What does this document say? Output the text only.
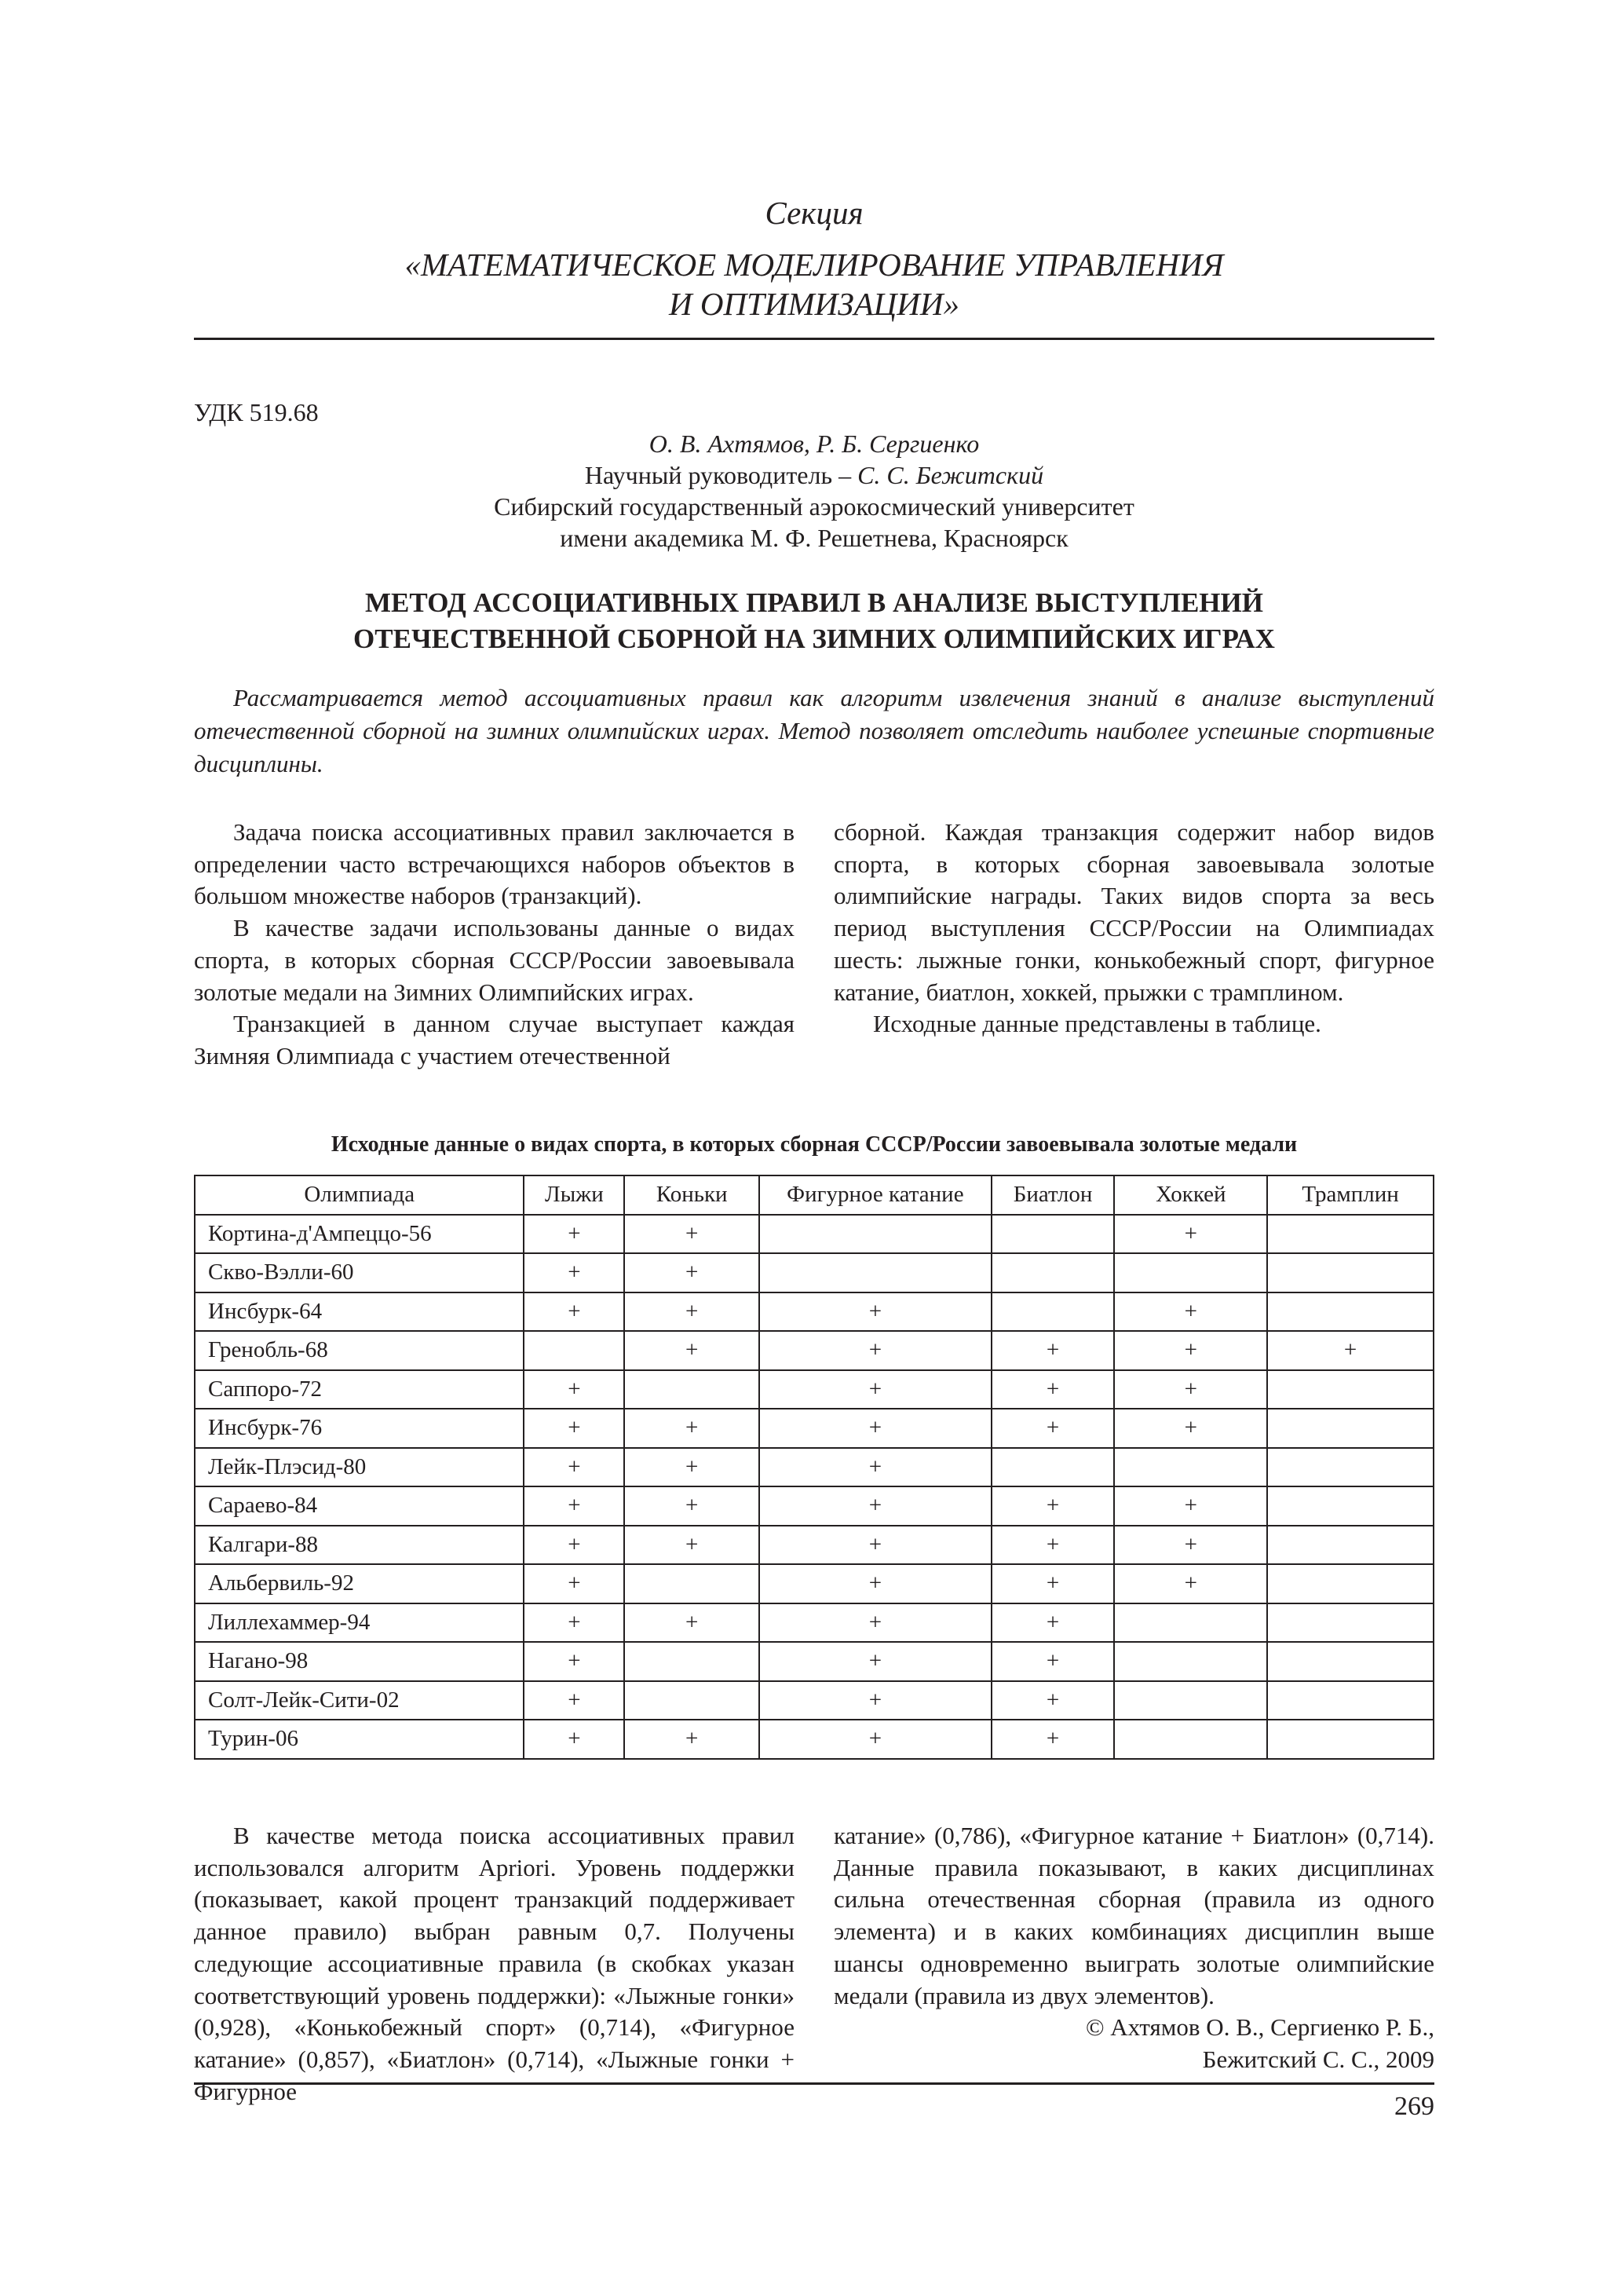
Секция
«МАТЕМАТИЧЕСКОЕ МОДЕЛИРОВАНИЕ УПРАВЛЕНИЯ
И ОПТИМИЗАЦИИ»
УДК 519.68
О. В. Ахтямов, Р. Б. Сергиенко
Научный руководитель – С. С. Бежитский
Сибирский государственный аэрокосмический университет
имени академика М. Ф. Решетнева, Красноярск
МЕТОД АССОЦИАТИВНЫХ ПРАВИЛ В АНАЛИЗЕ ВЫСТУПЛЕНИЙ
ОТЕЧЕСТВЕННОЙ СБОРНОЙ НА ЗИМНИХ ОЛИМПИЙСКИХ ИГРАХ

Рассматривается метод ассоциативных правил как алгоритм извлечения знаний в анализе выступлений отечественной сборной на зимних олимпийских играх. Метод позволяет отследить наиболее успешные спортивные дисциплины.

Задача поиска ассоциативных правил заключается в определении часто встречающихся наборов объектов в большом множестве наборов (транзакций).

В качестве задачи использованы данные о видах спорта, в которых сборная СССР/России завоевывала золотые медали на Зимних Олимпийских играх.

Транзакцией в данном случае выступает каждая Зимняя Олимпиада с участием отечественной

сборной. Каждая транзакция содержит набор видов спорта, в которых сборная завоевывала золотые олимпийские награды. Таких видов спорта за весь период выступления СССР/России на Олимпиадах шесть: лыжные гонки, конькобежный спорт, фигурное катание, биатлон, хоккей, прыжки с трамплином.

Исходные данные представлены в таблице.

Исходные данные о видах спорта, в которых сборная СССР/России завоевывала золотые медали
Олимпиада	Лыжи	Коньки	Фигурное катание	Биатлон	Хоккей	Трамплин
Кортина-д'Ампеццо-56	+	+			+	
Скво-Вэлли-60	+	+				
Инсбурк-64	+	+	+		+	
Гренобль-68		+	+	+	+	+
Саппоро-72	+		+	+	+	
Инсбурк-76	+	+	+	+	+	
Лейк-Плэсид-80	+	+	+			
Сараево-84	+	+	+	+	+	
Калгари-88	+	+	+	+	+	
Альбервиль-92	+		+	+	+	
Лиллехаммер-94	+	+	+	+		
Нагано-98	+		+	+		
Солт-Лейк-Сити-02	+		+	+		
Турин-06	+	+	+	+		

В качестве метода поиска ассоциативных правил использовался алгоритм Apriori. Уровень поддержки (показывает, какой процент транзакций поддерживает данное правило) выбран равным 0,7. Получены следующие ассоциативные правила (в скобках указан соответствующий уровень поддержки): «Лыжные гонки» (0,928), «Конькобежный спорт» (0,714), «Фигурное катание» (0,857), «Биатлон» (0,714), «Лыжные гонки + Фигурное

катание» (0,786), «Фигурное катание + Биатлон» (0,714). Данные правила показывают, в каких дисциплинах сильна отечественная сборная (правила из одного элемента) и в каких комбинациях дисциплин выше шансы одновременно выиграть золотые олимпийские медали (правила из двух элементов).

© Ахтямов О. В., Сергиенко Р. Б.,
Бежитский С. С., 2009
269
